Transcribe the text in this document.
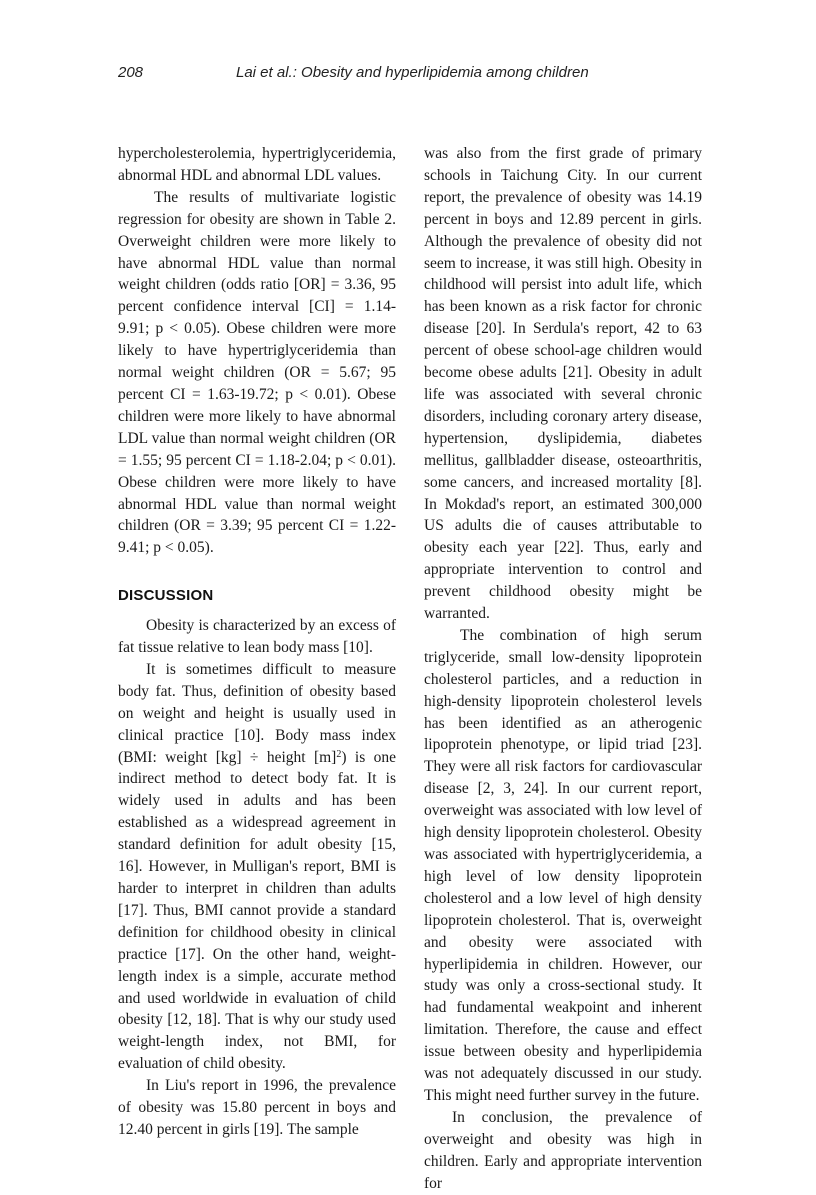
208	Lai et al.: Obesity and hyperlipidemia among children

hypercholesterolemia, hypertriglyceridemia, abnormal HDL and abnormal LDL values.

The results of multivariate logistic regression for obesity are shown in Table 2. Overweight children were more likely to have abnormal HDL value than normal weight children (odds ratio [OR] = 3.36, 95 percent confidence interval [CI] = 1.14-9.91; p < 0.05). Obese children were more likely to have hypertriglyceridemia than normal weight children (OR = 5.67; 95 percent CI = 1.63-19.72; p < 0.01). Obese children were more likely to have abnormal LDL value than normal weight children (OR = 1.55; 95 percent CI = 1.18-2.04; p < 0.01). Obese children were more likely to have abnormal HDL value than normal weight children (OR = 3.39; 95 percent CI = 1.22-9.41; p < 0.05).

DISCUSSION

Obesity is characterized by an excess of fat tissue relative to lean body mass [10].

It is sometimes difficult to measure body fat. Thus, definition of obesity based on weight and height is usually used in clinical practice [10]. Body mass index (BMI: weight [kg] ÷ height $[m]^2$) is one indirect method to detect body fat. It is widely used in adults and has been established as a widespread agreement in standard definition for adult obesity [15, 16]. However, in Mulligan's report, BMI is harder to interpret in children than adults [17]. Thus, BMI cannot provide a standard definition for childhood obesity in clinical practice [17]. On the other hand, weight-length index is a simple, accurate method and used worldwide in evaluation of child obesity [12, 18]. That is why our study used weight-length index, not BMI, for evaluation of child obesity.

In Liu's report in 1996, the prevalence of obesity was 15.80 percent in boys and 12.40 percent in girls [19]. The sample

was also from the first grade of primary schools in Taichung City. In our current report, the prevalence of obesity was 14.19 percent in boys and 12.89 percent in girls. Although the prevalence of obesity did not seem to increase, it was still high. Obesity in childhood will persist into adult life, which has been known as a risk factor for chronic disease [20]. In Serdula's report, 42 to 63 percent of obese school-age children would become obese adults [21]. Obesity in adult life was associated with several chronic disorders, including coronary artery disease, hypertension, dyslipidemia, diabetes mellitus, gallbladder disease, osteoarthritis, some cancers, and increased mortality [8]. In Mokdad's report, an estimated 300,000 US adults die of causes attributable to obesity each year [22]. Thus, early and appropriate intervention to control and prevent childhood obesity might be warranted.

The combination of high serum triglyceride, small low-density lipoprotein cholesterol particles, and a reduction in high-density lipoprotein cholesterol levels has been identified as an atherogenic lipoprotein phenotype, or lipid triad [23]. They were all risk factors for cardiovascular disease [2, 3, 24]. In our current report, overweight was associated with low level of high density lipoprotein cholesterol. Obesity was associated with hypertriglyceridemia, a high level of low density lipoprotein cholesterol and a low level of high density lipoprotein cholesterol. That is, overweight and obesity were associated with hyperlipidemia in children. However, our study was only a cross-sectional study. It had fundamental weakpoint and inherent limitation. Therefore, the cause and effect issue between obesity and hyperlipidemia was not adequately discussed in our study. This might need further survey in the future.

In conclusion, the prevalence of overweight and obesity was high in children. Early and appropriate intervention for
